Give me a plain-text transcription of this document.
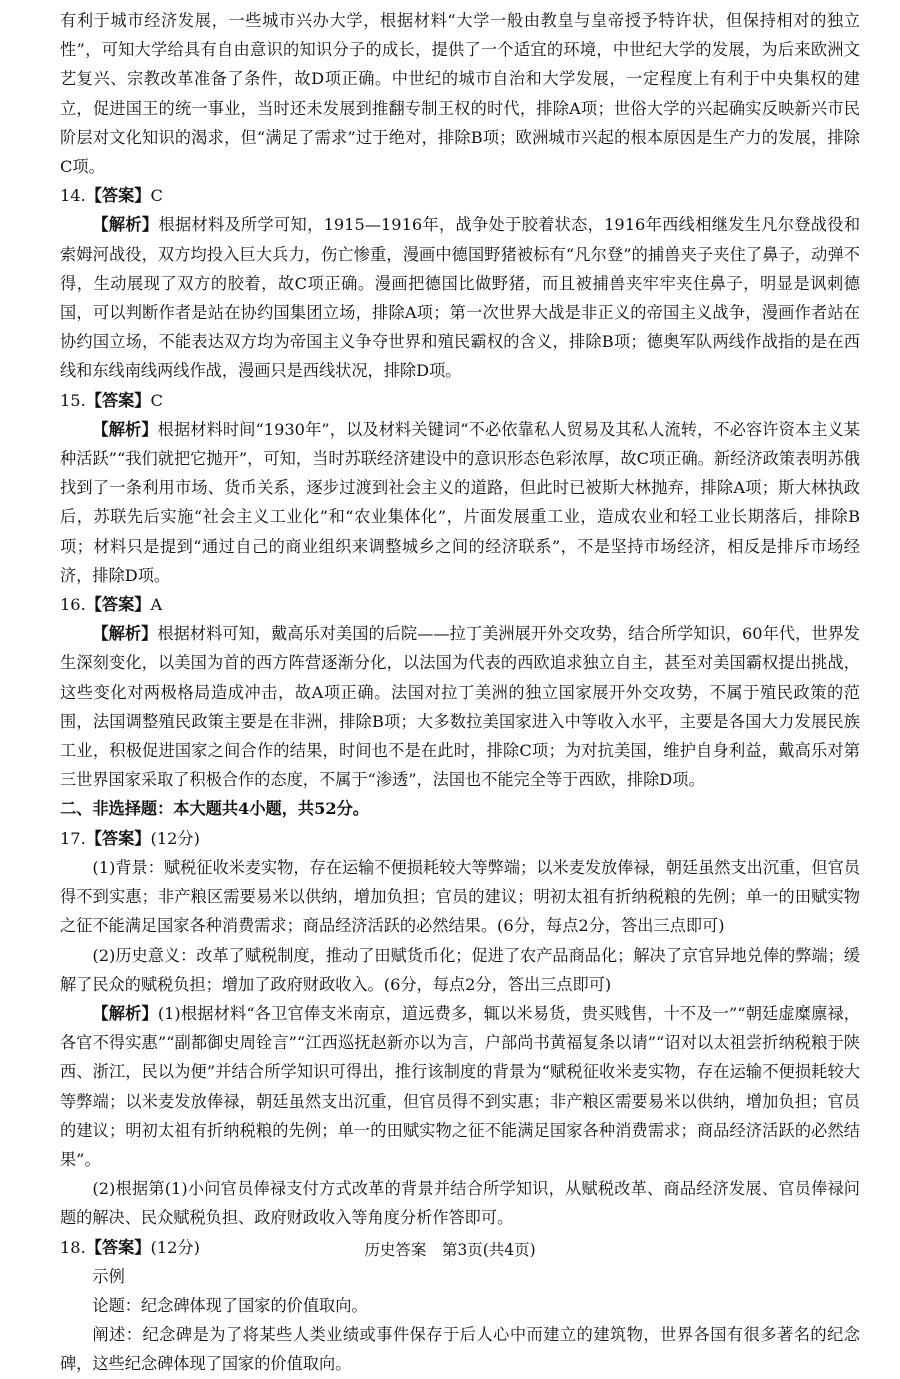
有利于城市经济发展，一些城市兴办大学，根据材料“大学一般由教皇与皇帝授予特许状，但保持相对的独立性”，可知大学给具有自由意识的知识分子的成长，提供了一个适宜的环境，中世纪大学的发展，为后来欧洲文艺复兴、宗教改革准备了条件，故D项正确。中世纪的城市自治和大学发展，一定程度上有利于中央集权的建立，促进国王的统一事业，当时还未发展到推翻专制王权的时代，排除A项；世俗大学的兴起确实反映新兴市民阶层对文化知识的渴求，但“满足了需求”过于绝对，排除B项；欧洲城市兴起的根本原因是生产力的发展，排除C项。

14.【答案】C

【解析】根据材料及所学可知，1915—1916年，战争处于胶着状态，1916年西线相继发生凡尔登战役和索姆河战役，双方均投入巨大兵力，伤亡惨重，漫画中德国野猪被标有“凡尔登”的捕兽夹子夹住了鼻子，动弹不得，生动展现了双方的胶着，故C项正确。漫画把德国比做野猪，而且被捕兽夹牢牢夹住鼻子，明显是讽刺德国，可以判断作者是站在协约国集团立场，排除A项；第一次世界大战是非正义的帝国主义战争，漫画作者站在协约国立场，不能表达双方均为帝国主义争夺世界和殖民霸权的含义，排除B项；德奥军队两线作战指的是在西线和东线南线两线作战，漫画只是西线状况，排除D项。

15.【答案】C

【解析】根据材料时间“1930年”，以及材料关键词“不必依靠私人贸易及其私人流转，不必容许资本主义某种活跃”“我们就把它抛开”，可知，当时苏联经济建设中的意识形态色彩浓厚，故C项正确。新经济政策表明苏俄找到了一条利用市场、货币关系，逐步过渡到社会主义的道路，但此时已被斯大林抛弃，排除A项；斯大林执政后，苏联先后实施“社会主义工业化”和“农业集体化”，片面发展重工业，造成农业和轻工业长期落后，排除B项；材料只是提到“通过自己的商业组织来调整城乡之间的经济联系”，不是坚持市场经济，相反是排斥市场经济，排除D项。

16.【答案】A

【解析】根据材料可知，戴高乐对美国的后院——拉丁美洲展开外交攻势，结合所学知识，60年代，世界发生深刻变化，以美国为首的西方阵营逐渐分化，以法国为代表的西欧追求独立自主，甚至对美国霸权提出挑战，这些变化对两极格局造成冲击，故A项正确。法国对拉丁美洲的独立国家展开外交攻势，不属于殖民政策的范围，法国调整殖民政策主要是在非洲，排除B项；大多数拉美国家进入中等收入水平，主要是各国大力发展民族工业，积极促进国家之间合作的结果，时间也不是在此时，排除C项；为对抗美国，维护自身利益，戴高乐对第三世界国家采取了积极合作的态度，不属于“渗透”，法国也不能完全等于西欧，排除D项。

二、非选择题：本大题共4小题，共52分。

17.【答案】(12分)

(1)背景：赋税征收米麦实物，存在运输不便损耗较大等弊端；以米麦发放俸禄，朝廷虽然支出沉重，但官员得不到实惠；非产粮区需要易米以供纳，增加负担；官员的建议；明初太祖有折纳税粮的先例；单一的田赋实物之征不能满足国家各种消费需求；商品经济活跃的必然结果。(6分，每点2分，答出三点即可)

(2)历史意义：改革了赋税制度，推动了田赋货币化；促进了农产品商品化；解决了京官异地兑俸的弊端；缓解了民众的赋税负担；增加了政府财政收入。(6分，每点2分，答出三点即可)

【解析】(1)根据材料“各卫官俸支米南京，道远费多，辄以米易货，贵买贱售，十不及一”“朝廷虚糜廪禄，各官不得实惠”“副都御史周铨言”“江西巡抚赵新亦以为言，户部尚书黄福复条以请”“诏对以太祖尝折纳税粮于陕西、浙江，民以为便”并结合所学知识可得出，推行该制度的背景为“赋税征收米麦实物，存在运输不便损耗较大等弊端；以米麦发放俸禄，朝廷虽然支出沉重，但官员得不到实惠；非产粮区需要易米以供纳，增加负担；官员的建议；明初太祖有折纳税粮的先例；单一的田赋实物之征不能满足国家各种消费需求；商品经济活跃的必然结果”。

(2)根据第(1)小问官员俸禄支付方式改革的背景并结合所学知识，从赋税改革、商品经济发展、官员俸禄问题的解决、民众赋税负担、政府财政收入等角度分析作答即可。

18.【答案】(12分)

示例

论题：纪念碑体现了国家的价值取向。

阐述：纪念碑是为了将某些人类业绩或事件保存于后人心中而建立的建筑物，世界各国有很多著名的纪念碑，这些纪念碑体现了国家的价值取向。

历史答案　第3页(共4页)
